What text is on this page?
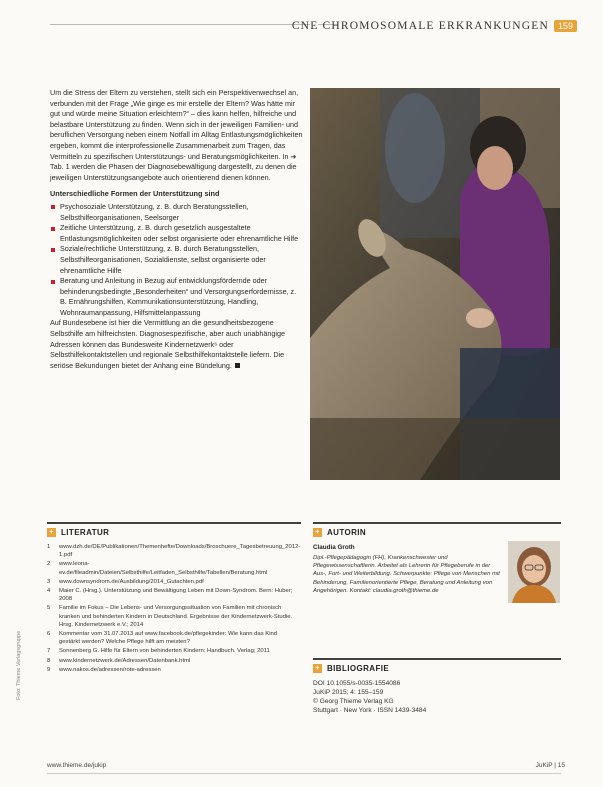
CNE CHROMOSOMALE ERKRANKUNGEN	159
Um die Stress der Eltern zu verstehen, stellt sich ein Perspektivenwechsel an, verbunden mit der Frage „Wie ginge es mir erstelle der Eltern? Was hätte mir gut und würde meine Situation erleichtern?“ – dies kann helfen, hilfreiche und belastbare Unterstützung zu finden. Wenn sich in der jeweiligen Familien- und beruflichen Versorgung neben einem Notfall im Alltag Entlastungsmöglichkeiten ergeben, kommt die interprofessionelle Zusammenarbeit zum Tragen, das Vermitteln zu spezifischen Unterstützungs- und Beratungsmöglichkeiten. In ➔ Tab. 1 werden die Phasen der Diagnosebewältigung dargestellt, zu denen die jeweiligen Unterstützungsangebote auch orientierend dienen können.
Unterschiedliche Formen der Unterstützung sind
Psychosoziale Unterstützung, z. B. durch Beratungsstellen, Selbsthilfeorganisationen, Seelsorger
Zeitliche Unterstützung, z. B. durch gesetzlich ausgestaltete Entlastungsmöglichkeiten oder selbst organisierte oder ehrenamtliche Hilfe
Soziale/rechtliche Unterstützung, z. B. durch Beratungsstellen, Selbsthilfeorganisationen, Sozialdienste, selbst organisierte oder ehrenamtliche Hilfe
Beratung und Anleitung in Bezug auf entwicklungsfördernde oder behinderungsbedingte „Besonderheiten“ und Versorgungserfordernisse, z. B. Ernährungshilfen, Kommunikationsunterstützung, Handling, Wohnraumanpassung, Hilfsmittelanpassung
Auf Bundesebene ist hier die Vermittlung an die gesundheitsbezogene Selbsthilfe am hilfreichsten. Diagnosespezifische, aber auch unabhängige Adressen können das Bundesweite Kindernetzwerk⁶ oder Selbsthilfekontaktstellen und regionale Selbsthilfekontaktstelle liefern. Die seriöse Bekundungen bietet der Anhang eine Bündelung.
+ LITERATUR
1 www.dzh.de/DE/Publikationen/Themenhefte/Downloads/Broschuere_Tagesbetreuung_2012-1.pdf
2 www.leona-ev.de/fileadmin/Dateien/Selbsthilfe/Leitfaden_Selbsthilfe/Tabellen/Beratung.html
3 www.downsyndrom.de/Ausbildung/2014_Gutachten.pdf
4 Maier C. (Hrsg.). Unterstützung und Bewältigung Leben mit Down-Syndrom. Bern: Huber; 2008
5 Familie im Fokus – Die Lebens- und Versorgungssituation von Familien mit chronisch kranken und behinderten Kindern in Deutschland. Ergebnisse der Kindernetzwerk-Studie. Hrsg. Kindernetzwerk e.V.; 2014
6 Kommentar vom 31.07.2013 auf www.facebook.de/pflegekinder: Wie kann das Kind gestärkt werden? Welche Pflege hilft am meisten?
7 Sonnenberg G. Hilfe für Eltern von behinderten Kindern: Handbuch. Verlag; 2011
8 www.kindernetzwerk.de/Adressen/Datenbank.html
9 www.nakos.de/adressen/rote-adressen
+ AUTORIN
Claudia Groth
Dipl.-Pflegepädagogin (FH), Krankenschwester und Pflegewissenschaftlerin. Arbeitet als Lehrerin für Pflegeberufe in der Aus-, Fort- und Weiterbildung. Schwerpunkte: Pflege von Menschen mit Behinderung, Familienorientierte Pflege, Beratung und Anleitung von Angehörigen. Kontakt: claudia.groth@thieme.de
+ BIBLIOGRAFIE
DOI 10.1055/s-0035-1554086
JuKiP 2015; 4: 155–159
© Georg Thieme Verlag KG
Stuttgart · New York · ISSN 1439-3484
Foto: Thieme Verlagsgruppe
www.thieme.de/jukip	JuKiP | 15
